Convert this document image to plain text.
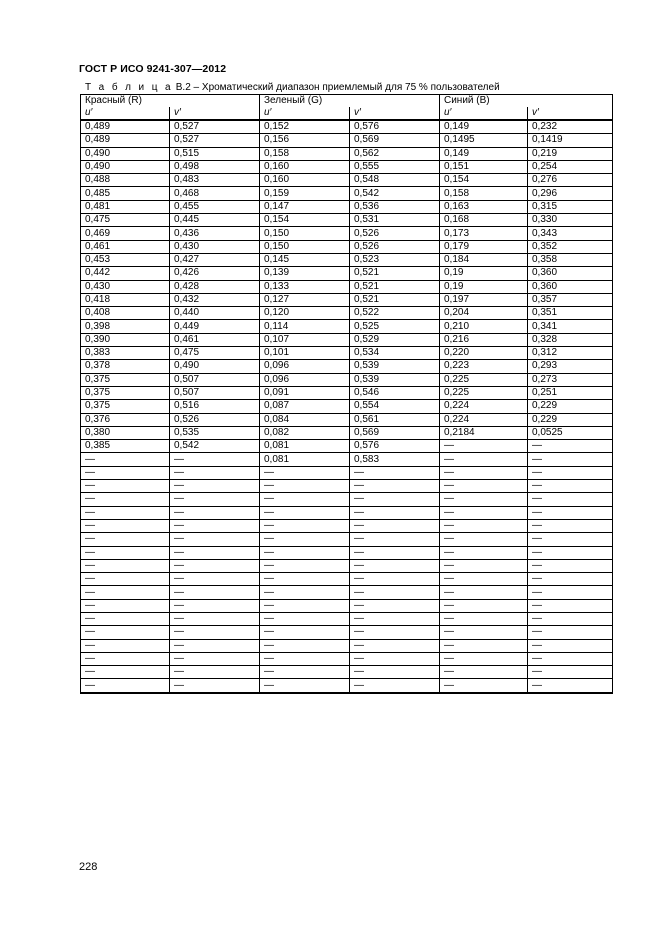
ГОСТ Р ИСО 9241-307—2012
Т а б л и ц а В.2 – Хроматический диапазон приемлемый для 75 % пользователей
Красный (R)		Зеленый (G)		Синий (B)	
u′	v′	u′	v′	u′	v′
0,489	0,527	0,152	0,576	0,149	0,232
0,489	0,527	0,156	0,569	0,1495	0,1419
0,490	0,515	0,158	0,562	0,149	0,219
0,490	0,498	0,160	0,555	0,151	0,254
0,488	0,483	0,160	0,548	0,154	0,276
0,485	0,468	0,159	0,542	0,158	0,296
0,481	0,455	0,147	0,536	0,163	0,315
0,475	0,445	0,154	0,531	0,168	0,330
0,469	0,436	0,150	0,526	0,173	0,343
0,461	0,430	0,150	0,526	0,179	0,352
0,453	0,427	0,145	0,523	0,184	0,358
0,442	0,426	0,139	0,521	0,19	0,360
0,430	0,428	0,133	0,521	0,19	0,360
0,418	0,432	0,127	0,521	0,197	0,357
0,408	0,440	0,120	0,522	0,204	0,351
0,398	0,449	0,114	0,525	0,210	0,341
0,390	0,461	0,107	0,529	0,216	0,328
0,383	0,475	0,101	0,534	0,220	0,312
0,378	0,490	0,096	0,539	0,223	0,293
0,375	0,507	0,096	0,539	0,225	0,273
0,375	0,507	0,091	0,546	0,225	0,251
0,375	0,516	0,087	0,554	0,224	0,229
0,376	0,526	0,084	0,561	0,224	0,229
0,380	0,535	0,082	0,569	0,2184	0,0525
0,385	0,542	0,081	0,576	—	—
—	—	0,081	0,583	—	—
—	—	—	—	—	—
—	—	—	—	—	—
—	—	—	—	—	—
—	—	—	—	—	—
—	—	—	—	—	—
—	—	—	—	—	—
—	—	—	—	—	—
—	—	—	—	—	—
—	—	—	—	—	—
—	—	—	—	—	—
—	—	—	—	—	—
—	—	—	—	—	—
—	—	—	—	—	—
—	—	—	—	—	—
—	—	—	—	—	—
—	—	—	—	—	—
—	—	—	—	—	—
228
